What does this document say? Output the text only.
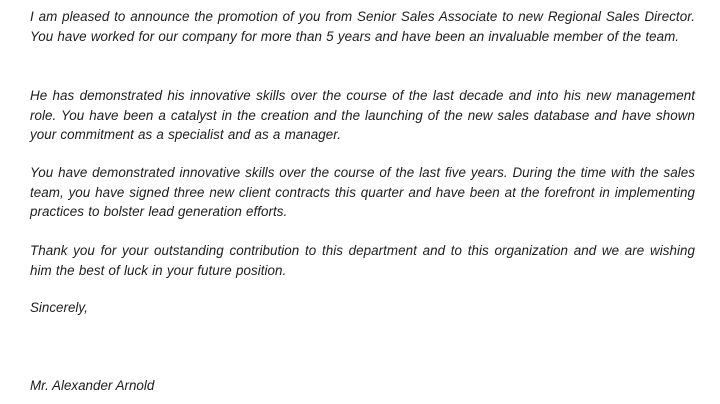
I am pleased to announce the promotion of you from Senior Sales Associate to new Regional Sales Director. You have worked for our company for more than 5 years and have been an invaluable member of the team.

He has demonstrated his innovative skills over the course of the last decade and into his new management role. You have been a catalyst in the creation and the launching of the new sales database and have shown your commitment as a specialist and as a manager.

You have demonstrated innovative skills over the course of the last five years. During the time with the sales team, you have signed three new client contracts this quarter and have been at the forefront in implementing practices to bolster lead generation efforts.

Thank you for your outstanding contribution to this department and to this organization and we are wishing him the best of luck in your future position.

Sincerely,

Mr. Alexander Arnold
